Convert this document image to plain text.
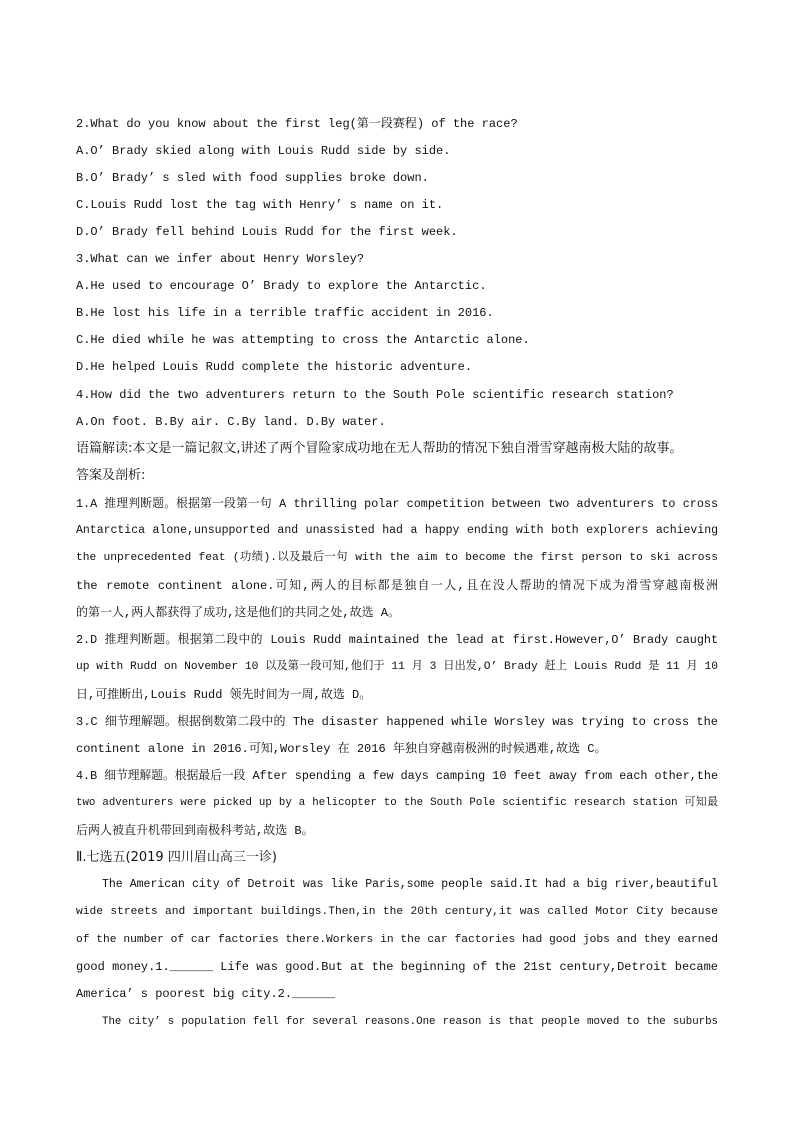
2.What do you know about the first leg(第一段赛程) of the race?
A.O’ Brady skied along with Louis Rudd side by side.
B.O’ Brady’ s sled with food supplies broke down.
C.Louis Rudd lost the tag with Henry’ s name on it.
D.O’ Brady fell behind Louis Rudd for the first week.
3.What can we infer about Henry Worsley?
A.He used to encourage O’ Brady to explore the Antarctic.
B.He lost his life in a terrible traffic accident in 2016.
C.He died while he was attempting to cross the Antarctic alone.
D.He helped Louis Rudd complete the historic adventure.
4.How did the two adventurers return to the South Pole scientific research station?
A.On foot. B.By air. C.By land. D.By water.
语篇解读:本文是一篇记叙文,讲述了两个冒险家成功地在无人帮助的情况下独自滑雪穿越南极大陆的故事。
答案及剖析:
1.A 推理判断题。根据第一段第一句 A thrilling polar competition between two adventurers to cross
Antarctica alone,unsupported and unassisted had a happy ending with both explorers achieving
the unprecedented feat (功绩).以及最后一句 with the aim to become the first person to ski across
the remote continent alone.可知,两人的目标都是独自一人,且在没人帮助的情况下成为滑雪穿越南极洲
的第一人,两人都获得了成功,这是他们的共同之处,故选 A。
2.D 推理判断题。根据第二段中的 Louis Rudd maintained the lead at first.However,O’ Brady caught
up with Rudd on November 10 以及第一段可知,他们于 11 月 3 日出发,O’ Brady 赶上 Louis Rudd 是 11 月 10
日,可推断出,Louis Rudd 领先时间为一周,故选 D。
3.C 细节理解题。根据倒数第二段中的 The disaster happened while Worsley was trying to cross the
continent alone in 2016.可知,Worsley 在 2016 年独自穿越南极洲的时候遇难,故选 C。
4.B 细节理解题。根据最后一段 After spending a few days camping 10 feet away from each other,the
two adventurers were picked up by a helicopter to the South Pole scientific research station 可知最
后两人被直升机带回到南极科考站,故选 B。
Ⅱ.七选五(2019 四川眉山高三一诊)
The American city of Detroit was like Paris,some people said.It had a big river,beautiful
wide streets and important buildings.Then,in the 20th century,it was called Motor City because
of the number of car factories there.Workers in the car factories had good jobs and they earned
good money.1.______ Life was good.But at the beginning of the 21st century,Detroit became
America’ s poorest big city.2.______
The city’ s population fell for several reasons.One reason is that people moved to the suburbs
